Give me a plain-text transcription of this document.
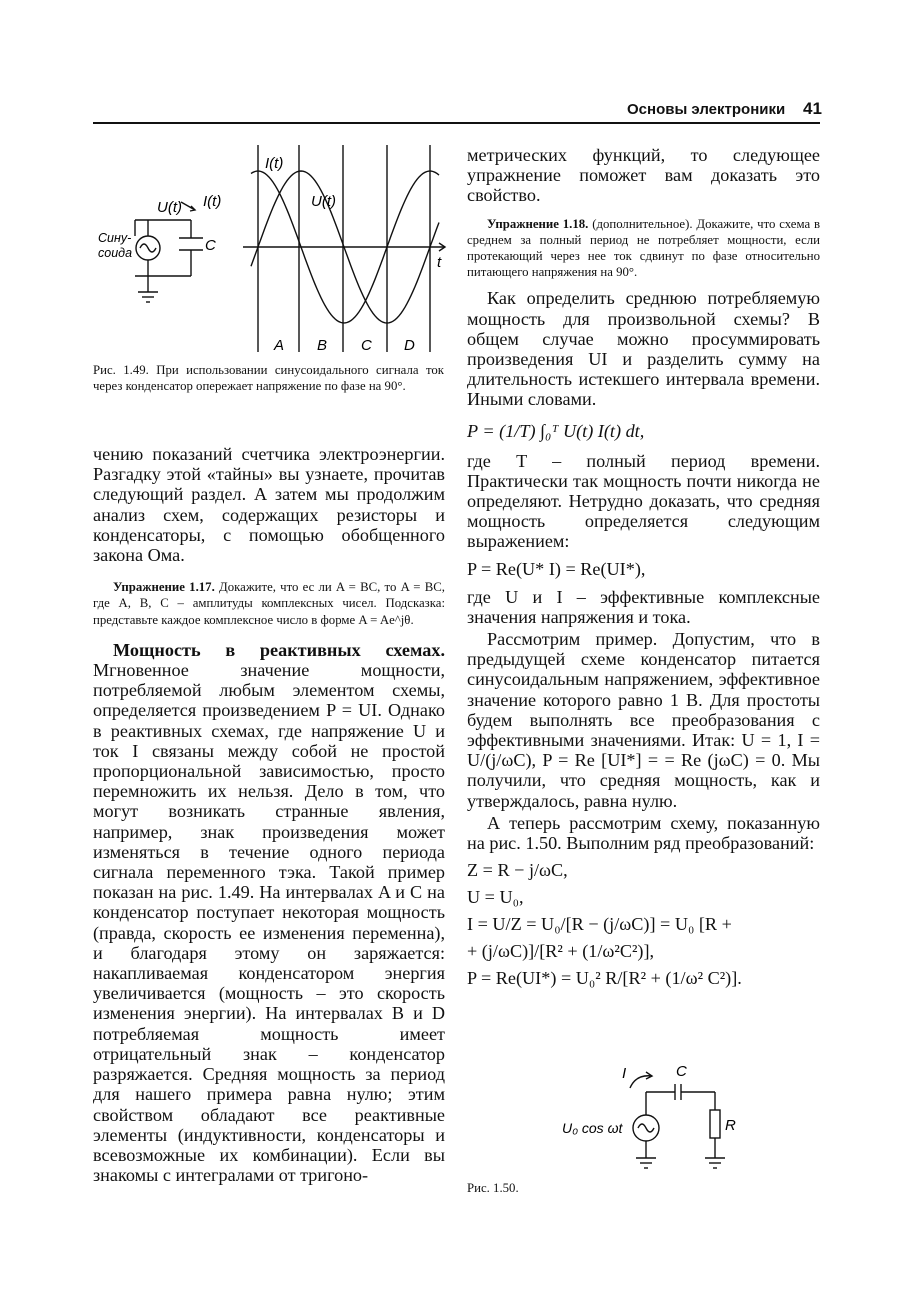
Основы электроники 41
U(t) I(t)
Сину-
соида	C
I(t)
U(t)
t
A B C D
Рис. 1.49. При использовании синусоидального сигнала ток через конденсатор опережает напряжение по фазе на 90°.

чению показаний счетчика электроэнергии. Разгадку этой «тайны» вы узнаете, прочитав следующий раздел. А затем мы продолжим анализ схем, содержащих резисторы и конденсаторы, с помощью обобщенного закона Ома.

Упражнение 1.17. Докажите, что ес ли A = BC, то A = BC, где A, B, C – амплитуды комплексных чисел. Подсказка: представьте каждое комплексное число в форме A = Ae^jθ.

Мощность в реактивных схемах. Мгновенное значение мощности, потребляемой любым элементом схемы, определяется произведением P = UI. Однако в реактивных схемах, где напряжение U и ток I связаны между собой не простой пропорциональной зависимостью, просто перемножить их нельзя. Дело в том, что могут возникать странные явления, например, знак произведения может изменяться в течение одного периода сигнала переменного тэка. Такой пример показан на рис. 1.49. На интервалах A и C на конденсатор поступает некоторая мощность (правда, скорость ее изменения переменна), и благодаря этому он заряжается: накапливаемая конденсатором энергия увеличивается (мощность – это скорость изменения энергии). На интервалах B и D потребляемая мощность имеет отрицательный знак – конденсатор разряжается. Средняя мощность за период для нашего примера равна нулю; этим свойством обладают все реактивные элементы (индуктивности, конденсаторы и всевозможные их комбинации). Если вы знакомы с интегралами от тригоно-

метрических функций, то следующее упражнение поможет вам доказать это свойство.

Упражнение 1.18. (дополнительное). Докажите, что схема в среднем за полный период не потребляет мощности, если протекающий через нее ток сдвинут по фазе относительно питающего напряжения на 90°.

Как определить среднюю потребляемую мощность для произвольной схемы? В общем случае можно просуммировать произведения UI и разделить сумму на длительность истекшего интервала времени. Иными словами.

P = (1/T) ∫₀ᵀ U(t) I(t) dt,

где T – полный период времени. Практически так мощность почти никогда не определяют. Нетрудно доказать, что средняя мощность определяется следующим выражением:

P = Re(U* I) = Re(UI*),

где U и I – эффективные комплексные значения напряжения и тока.

Рассмотрим пример. Допустим, что в предыдущей схеме конденсатор питается синусоидальным напряжением, эффективное значение которого равно 1 В. Для простоты будем выполнять все преобразования с эффективными значениями. Итак: U = 1, I = U/(j/ωC), P = Re [UI*] = = Re (jωC) = 0. Мы получили, что средняя мощность, как и утверждалось, равна нулю.

А теперь рассмотрим схему, показанную на рис. 1.50. Выполним ряд преобразований:

Z = R − j/ωC,

U = U₀,

I = U/Z = U₀/[R − (j/ωC)] = U₀ [R +

+ (j/ωC)]/[R² + (1/ω²C²)],

P = Re(UI*) = U₀² R/[R² + (1/ω² C²)].

I	C
U₀ cos ωt	R
Рис. 1.50.
